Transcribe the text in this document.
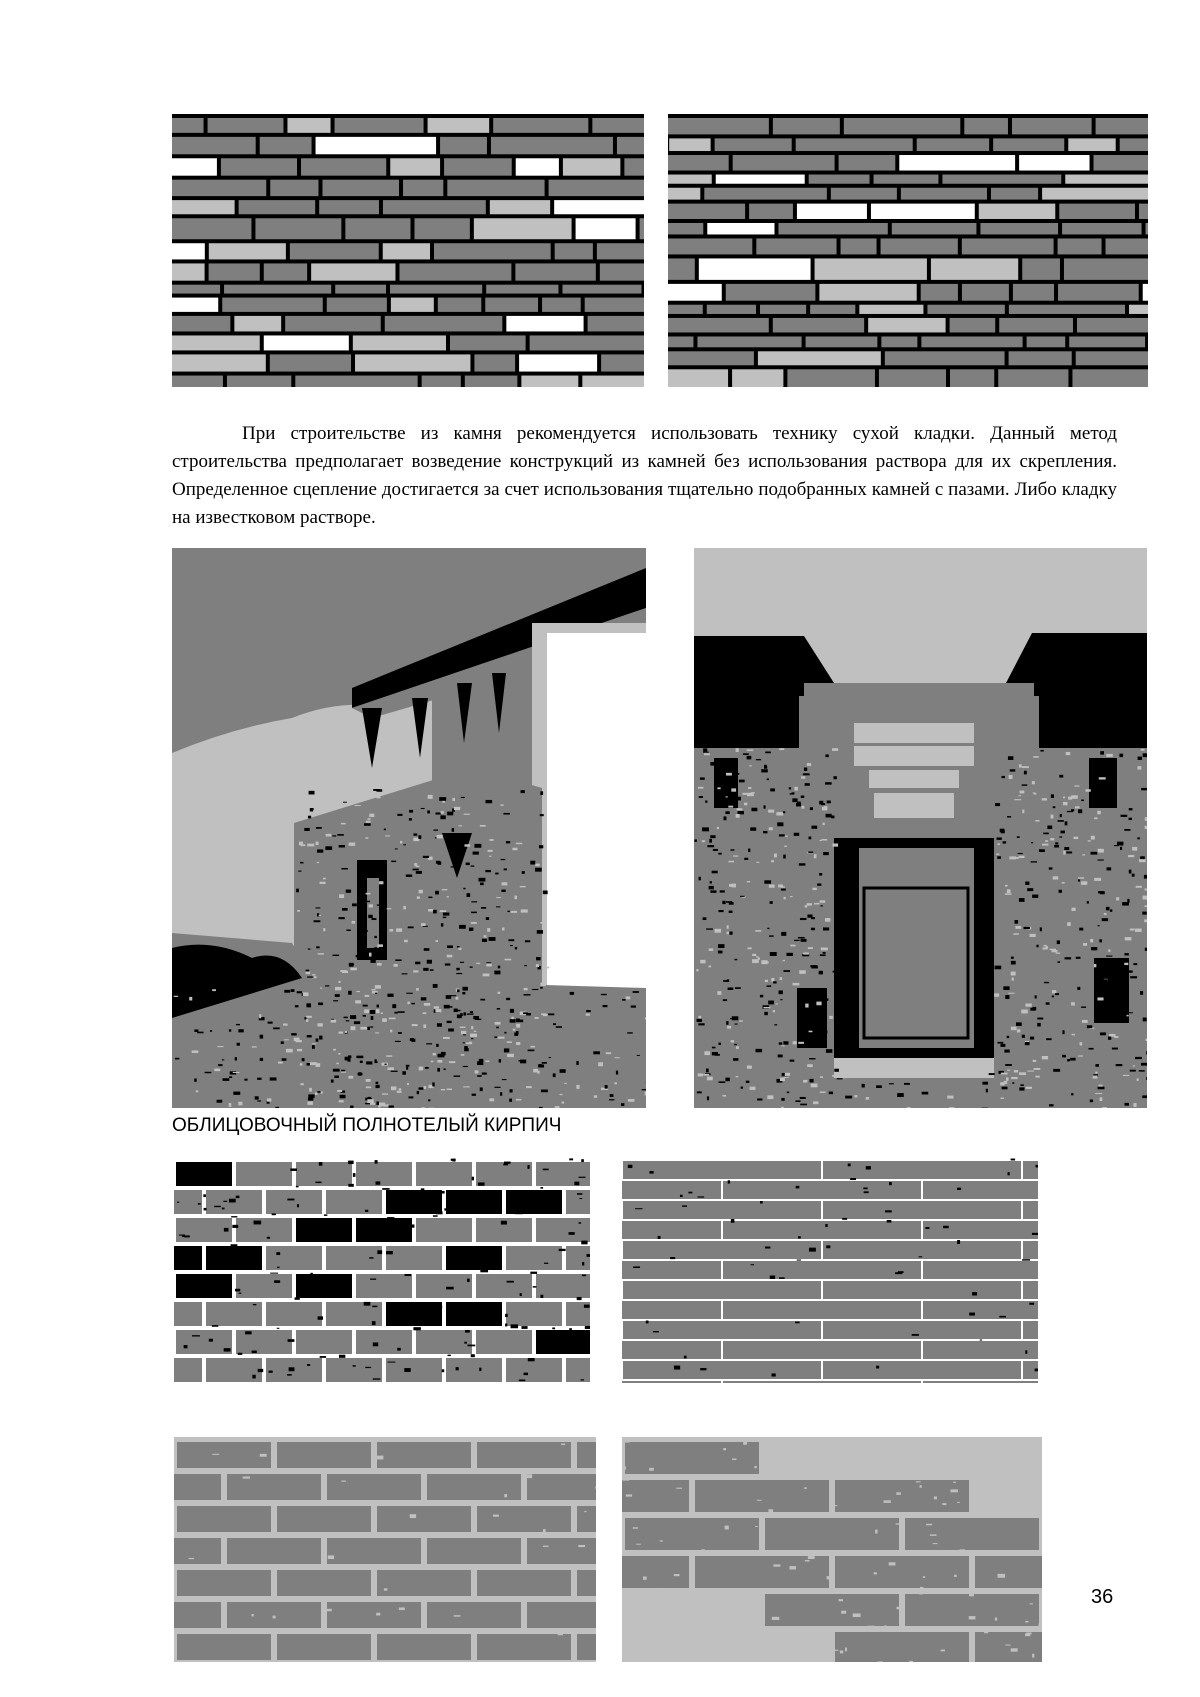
При строительстве из камня рекомендуется использовать технику сухой кладки. Данный метод строительства предполагает возведение конструкций из камней без использования раствора для их скрепления. Определенное сцепление достигается за счет использования тщательно подобранных камней с пазами. Либо кладку на известковом растворе.
ОБЛИЦОВОЧНЫЙ ПОЛНОТЕЛЫЙ КИРПИЧ
36
